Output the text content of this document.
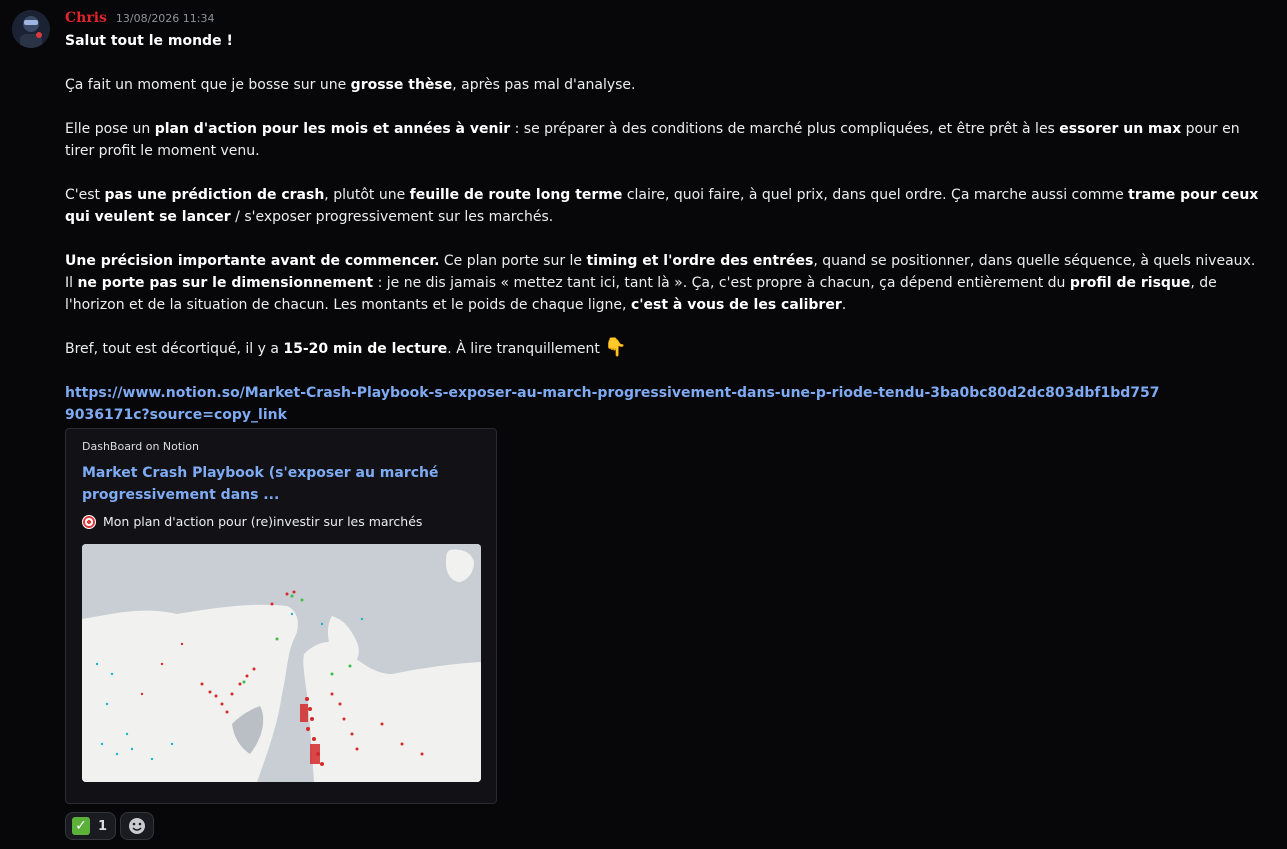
Chris 13/08/2026 11:34

Salut tout le monde !

Ça fait un moment que je bosse sur une grosse thèse, après pas mal d'analyse.

Elle pose un plan d'action pour les mois et années à venir : se préparer à des conditions de marché plus compliquées, et être prêt à les essorer un max pour en tirer profit le moment venu.

C'est pas une prédiction de crash, plutôt une feuille de route long terme claire, quoi faire, à quel prix, dans quel ordre. Ça marche aussi comme trame pour ceux qui veulent se lancer / s'exposer progressivement sur les marchés.

Une précision importante avant de commencer. Ce plan porte sur le timing et l'ordre des entrées, quand se positionner, dans quelle séquence, à quels niveaux. Il ne porte pas sur le dimensionnement : je ne dis jamais « mettez tant ici, tant là ». Ça, c'est propre à chacun, ça dépend entièrement du profil de risque, de l'horizon et de la situation de chacun. Les montants et le poids de chaque ligne, c'est à vous de les calibrer.

Bref, tout est décortiqué, il y a 15-20 min de lecture. À lire tranquillement 👇

https://www.notion.so/Market-Crash-Playbook-s-exposer-au-march-progressivement-dans-une-p-riode-tendu-3ba0bc80d2dc803dbf1bd7579036171c?source=copy_link
DashBoard on Notion
Market Crash Playbook (s'exposer au marché progressivement dans ...
Mon plan d'action pour (re)investir sur les marchés
✓ 1
